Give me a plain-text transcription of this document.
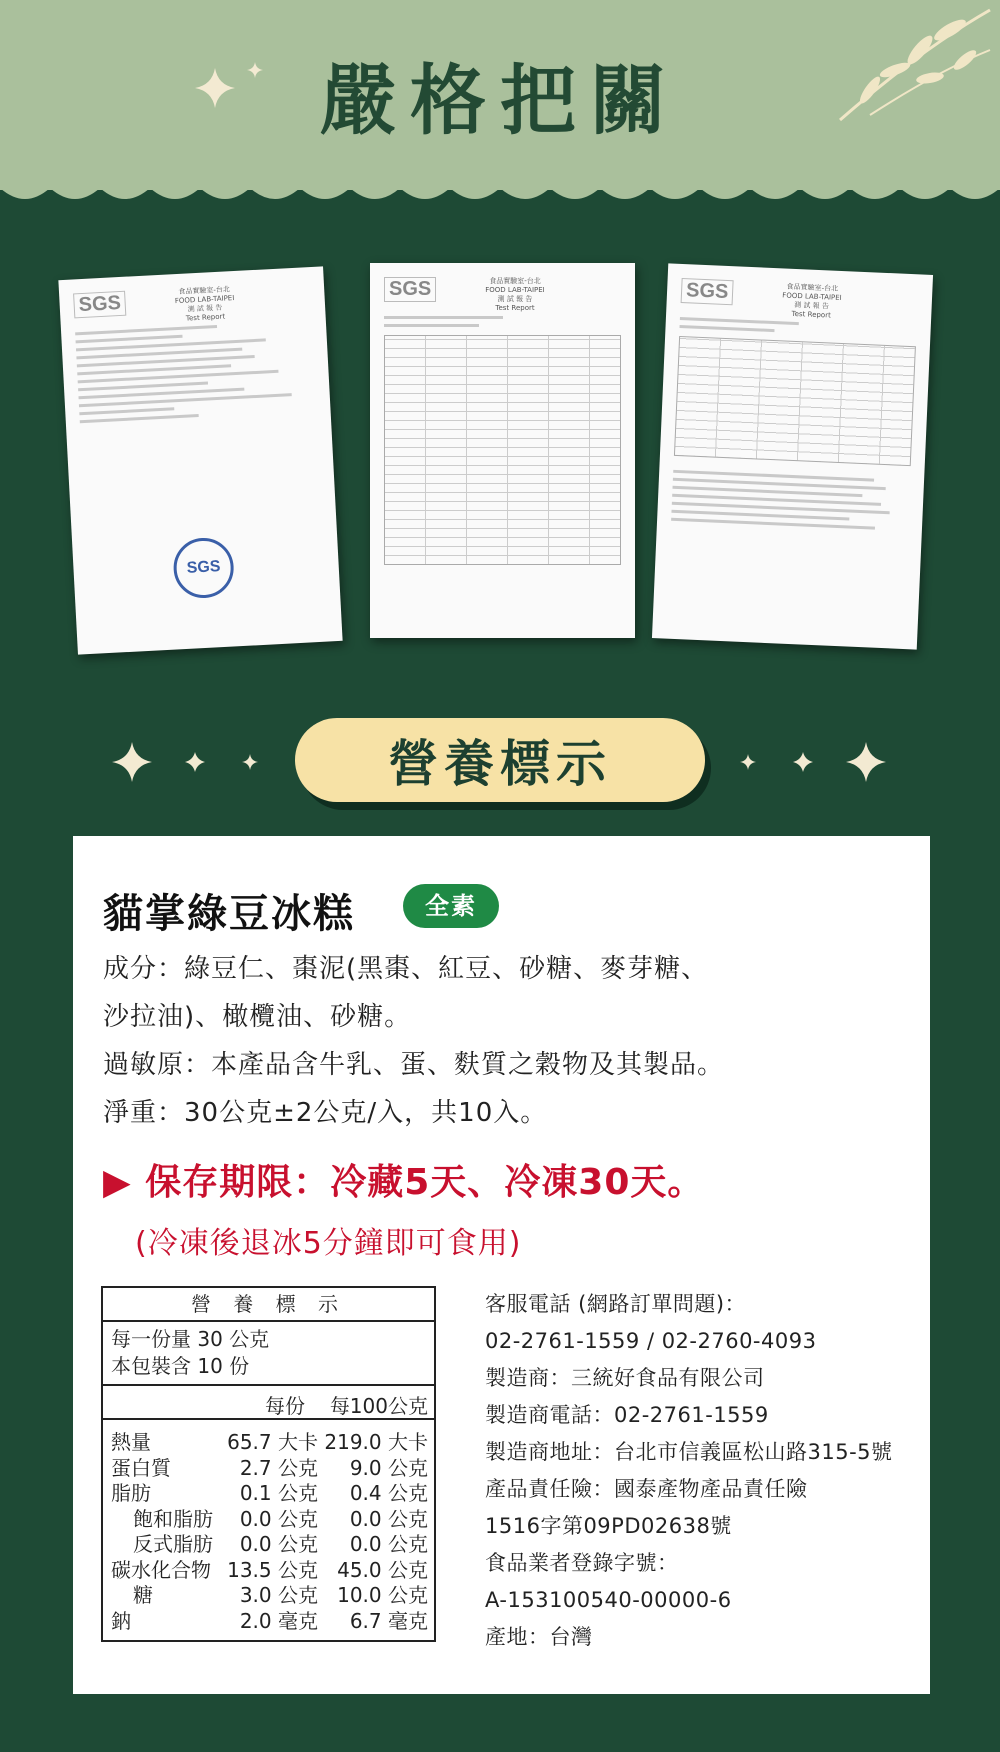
嚴格把關
SGS
食品實驗室-台北
FOOD LAB-TAIPEI
測 試 報 告
Test Report
SGS
SGS	食品實驗室-台北
FOOD LAB-TAIPEI
測 試 報 告
Test Report
SGS	食品實驗室-台北
FOOD LAB-TAIPEI
測 試 報 告
Test Report
營養標示
貓掌綠豆冰糕	全素
成分：綠豆仁、棗泥(黑棗、紅豆、砂糖、麥芽糖、
沙拉油)、橄欖油、砂糖。
過敏原：本產品含牛乳、蛋、麩質之穀物及其製品。
淨重：30公克±2公克/入，共10入。
▶ 保存期限：冷藏5天、冷凍30天。
(冷凍後退冰5分鐘即可食用)
營 養 標 示
每一份量 30 公克
本包裝含 10 份
每份 每100公克
熱量	65.7 大卡 219.0 大卡
蛋白質	2.7 公克 9.0 公克
脂肪	0.1 公克 0.4 公克
飽和脂肪 0.0 公克 0.0 公克
反式脂肪 0.0 公克 0.0 公克
碳水化合物 13.5 公克 45.0 公克
糖	3.0 公克 10.0 公克
鈉	2.0 毫克 6.7 毫克
客服電話 (網路訂單問題)：
02-2761-1559 / 02-2760-4093
製造商：三統好食品有限公司
製造商電話：02-2761-1559
製造商地址：台北市信義區松山路315-5號
產品責任險：國泰產物產品責任險
1516字第09PD02638號
食品業者登錄字號：
A-153100540-00000-6
產地：台灣
